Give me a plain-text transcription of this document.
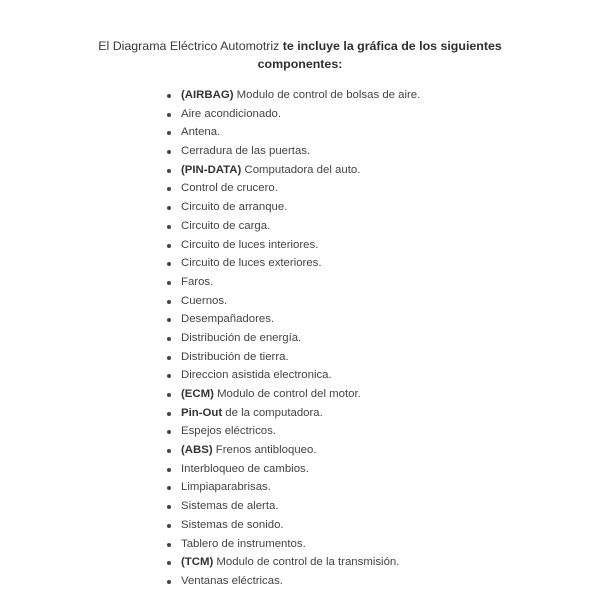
El Diagrama Eléctrico Automotriz te incluye la gráfica de los siguientes
componentes:
(AIRBAG) Modulo de control de bolsas de aire.
Aire acondicionado.
Antena.
Cerradura de las puertas.
(PIN-DATA) Computadora del auto.
Control de crucero.
Circuito de arranque.
Circuito de carga.
Circuito de luces interiores.
Circuito de luces exteriores.
Faros.
Cuernos.
Desempañadores.
Distribución de energía.
Distribución de tierra.
Direccion asistida electronica.
(ECM) Modulo de control del motor.
Pin-Out de la computadora.
Espejos eléctricos.
(ABS) Frenos antibloqueo.
Interbloqueo de cambios.
Limpiaparabrisas.
Sistemas de alerta.
Sistemas de sonido.
Tablero de instrumentos.
(TCM) Modulo de control de la transmisión.
Ventanas eléctricas.
